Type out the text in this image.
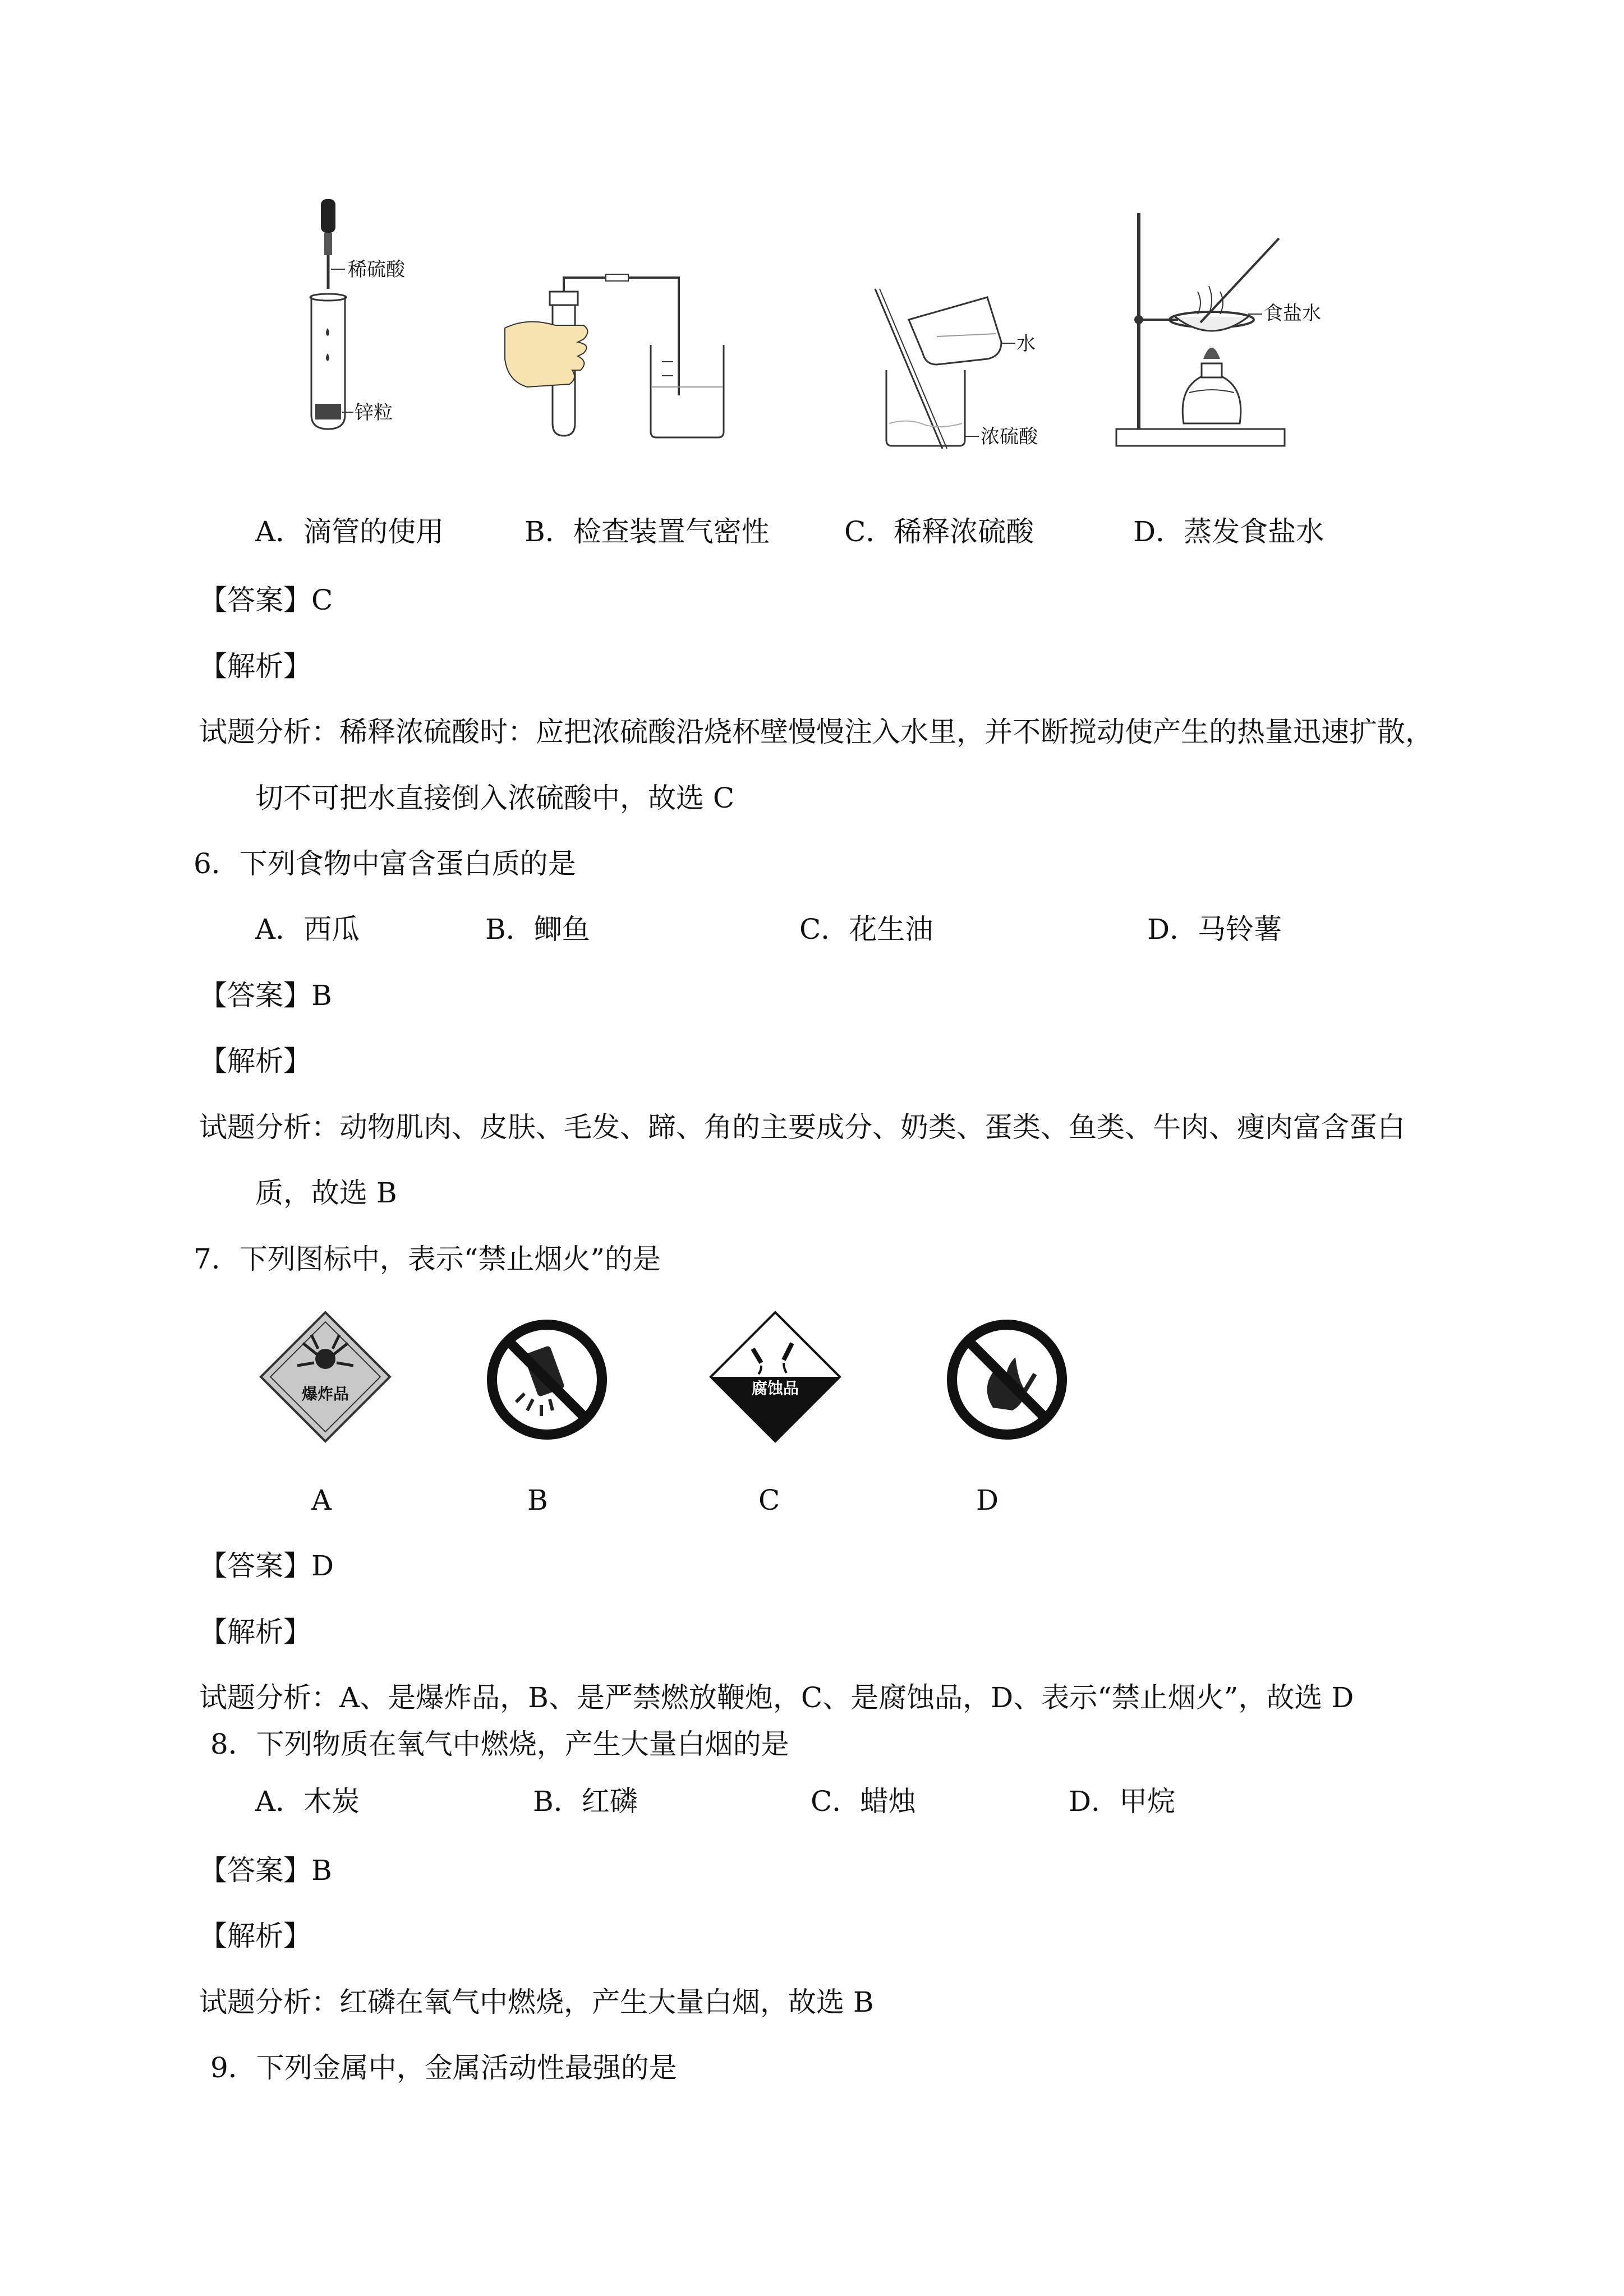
稀硫酸
锌粒
水
浓硫酸
食盐水
A．滴管的使用	B．检查装置气密性	C．稀释浓硫酸	D．蒸发食盐水
【答案】C
【解析】
试题分析：稀释浓硫酸时：应把浓硫酸沿烧杯壁慢慢注入水里，并不断搅动使产生的热量迅速扩散，
切不可把水直接倒入浓硫酸中，故选 C
6．下列食物中富含蛋白质的是
A．西瓜	B．鲫鱼	C．花生油	D．马铃薯
【答案】B
【解析】
试题分析：动物肌肉、皮肤、毛发、蹄、角的主要成分、奶类、蛋类、鱼类、牛肉、瘦肉富含蛋白
质，故选 B
7．下列图标中，表示“禁止烟火”的是
爆炸品	腐蚀品
A	B	C	D
【答案】D
【解析】
试题分析：A、是爆炸品，B、是严禁燃放鞭炮，C、是腐蚀品，D、表示“禁止烟火”，故选 D
8．下列物质在氧气中燃烧，产生大量白烟的是
A．木炭	B．红磷	C．蜡烛	D．甲烷
【答案】B
【解析】
试题分析：红磷在氧气中燃烧，产生大量白烟，故选 B
9．下列金属中，金属活动性最强的是
